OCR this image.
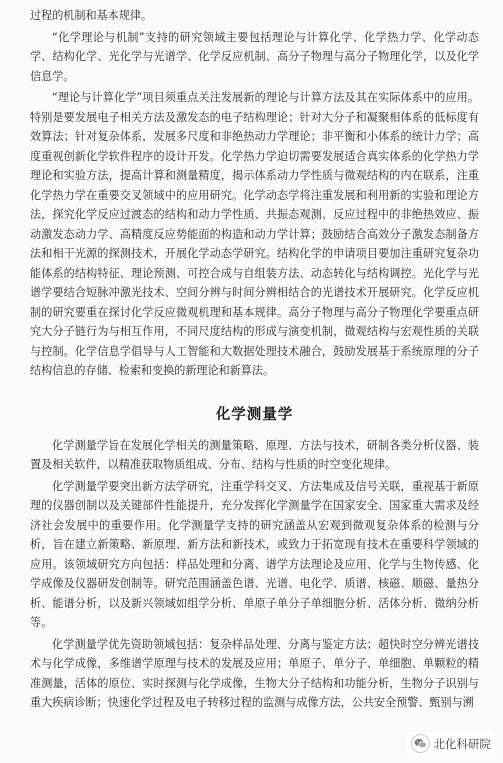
过程的机制和基本规律。

“化学理论与机制”支持的研究领域主要包括理论与计算化学、化学热力学、化学动态学、结构化学、光化学与光谱学、化学反应机制、高分子物理与高分子物理化学，以及化学信息学。

“理论与计算化学”项目须重点关注发展新的理论与计算方法及其在实际体系中的应用。特别是要发展电子相关方法及激发态的电子结构理论；针对大分子和凝聚相体系的低标度有效算法；针对复杂体系，发展多尺度和非绝热动力学理论；非平衡和小体系的统计力学；高度重视创新化学软件程序的设计开发。化学热力学迫切需要发展适合真实体系的化学热力学理论和实验方法，提高计算和测量精度，揭示体系动力学性质与微观结构的内在联系，注重化学热力学在重要交叉领域中的应用研究。化学动态学将注重发展和利用新的实验和理论方法，探究化学反应过渡态的结构和动力学性质、共振态观测、反应过程中的非绝热效应、振动激发态动力学、高精度反应势能面的构造和动力学计算；鼓励结合高效分子激发态制备方法和相干光源的探测技术，开展化学动态学研究。结构化学的申请项目要加注重研究复杂功能体系的结构特征、理论预测、可控合成与自组装方法、动态转化与结构调控。光化学与光谱学要结合短脉冲激光技术、空间分辨与时间分辨相结合的光谱技术开展研究。化学反应机制的研究要重在探讨化学反应微观机理和基本规律。高分子物理与高分子物理化学要重点研究大分子链行为与相互作用，不同尺度结构的形成与演变机制，微观结构与宏观性质的关联与控制。化学信息学倡导与人工智能和大数据处理技术融合，鼓励发展基于系统原理的分子结构信息的存储、检索和变换的新理论和新算法。

化学测量学

化学测量学旨在发展化学相关的测量策略、原理、方法与技术，研制各类分析仪器、装置及相关软件，以精准获取物质组成、分布、结构与性质的时空变化规律。

化学测量学要突出新方法学研究，注重学科交叉、方法集成及信号关联，重视基于新原理的仪器创制以及关键部件性能提升，充分发挥化学测量学在国家安全、国家重大需求及经济社会发展中的重要作用。化学测量学支持的研究涵盖从宏观到微观复杂体系的检测与分析，旨在建立新策略、新原理、新方法和新技术，或致力于拓宽现有技术在重要科学领域的应用。该领域研究方向包括：样品处理和分离、谱学方法理论及应用、化学与生物传感、化学成像及仪器研发创制等。研究范围涵盖色谱、光谱、电化学、质谱、核磁、顺磁、量热分析、能谱分析，以及新兴领域如组学分析、单原子单分子单细胞分析、活体分析、微纳分析等。

化学测量学优先资助领域包括：复杂样品处理、分离与鉴定方法；超快时空分辨光谱技术与化学成像，多维谱学原理与技术的发展及应用；单原子、单分子、单细胞、单颗粒的精准测量，活体的原位、实时探测与化学成像，生物大分子结构和功能分析，生物分子识别与重大疾病诊断；快速化学过程及电子转移过程的监测与成像方法，公共安全预警、甄别与溯

北化科研院
